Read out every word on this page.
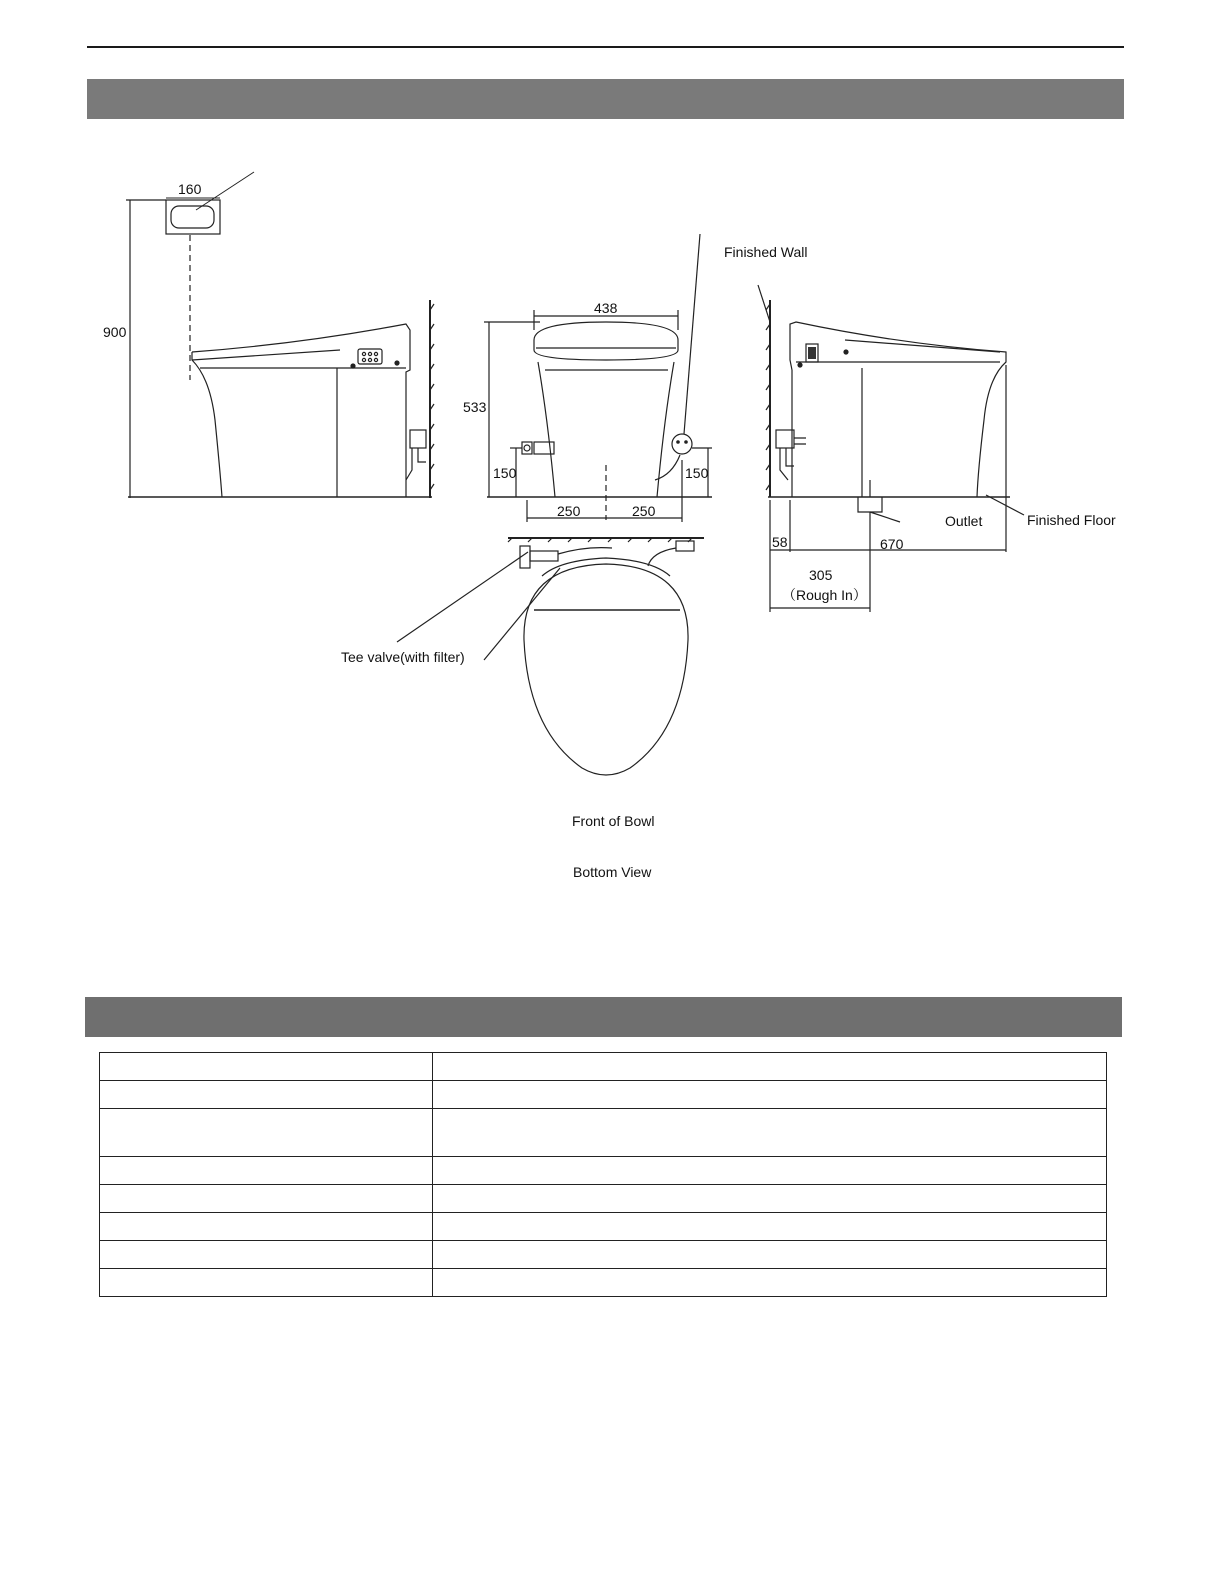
160
900
438
533
150	150
250	250
Finished Wall
58	670
305
（Rough In）
Outlet	Finished Floor
Tee valve(with filter)
Front of Bowl
Bottom View
